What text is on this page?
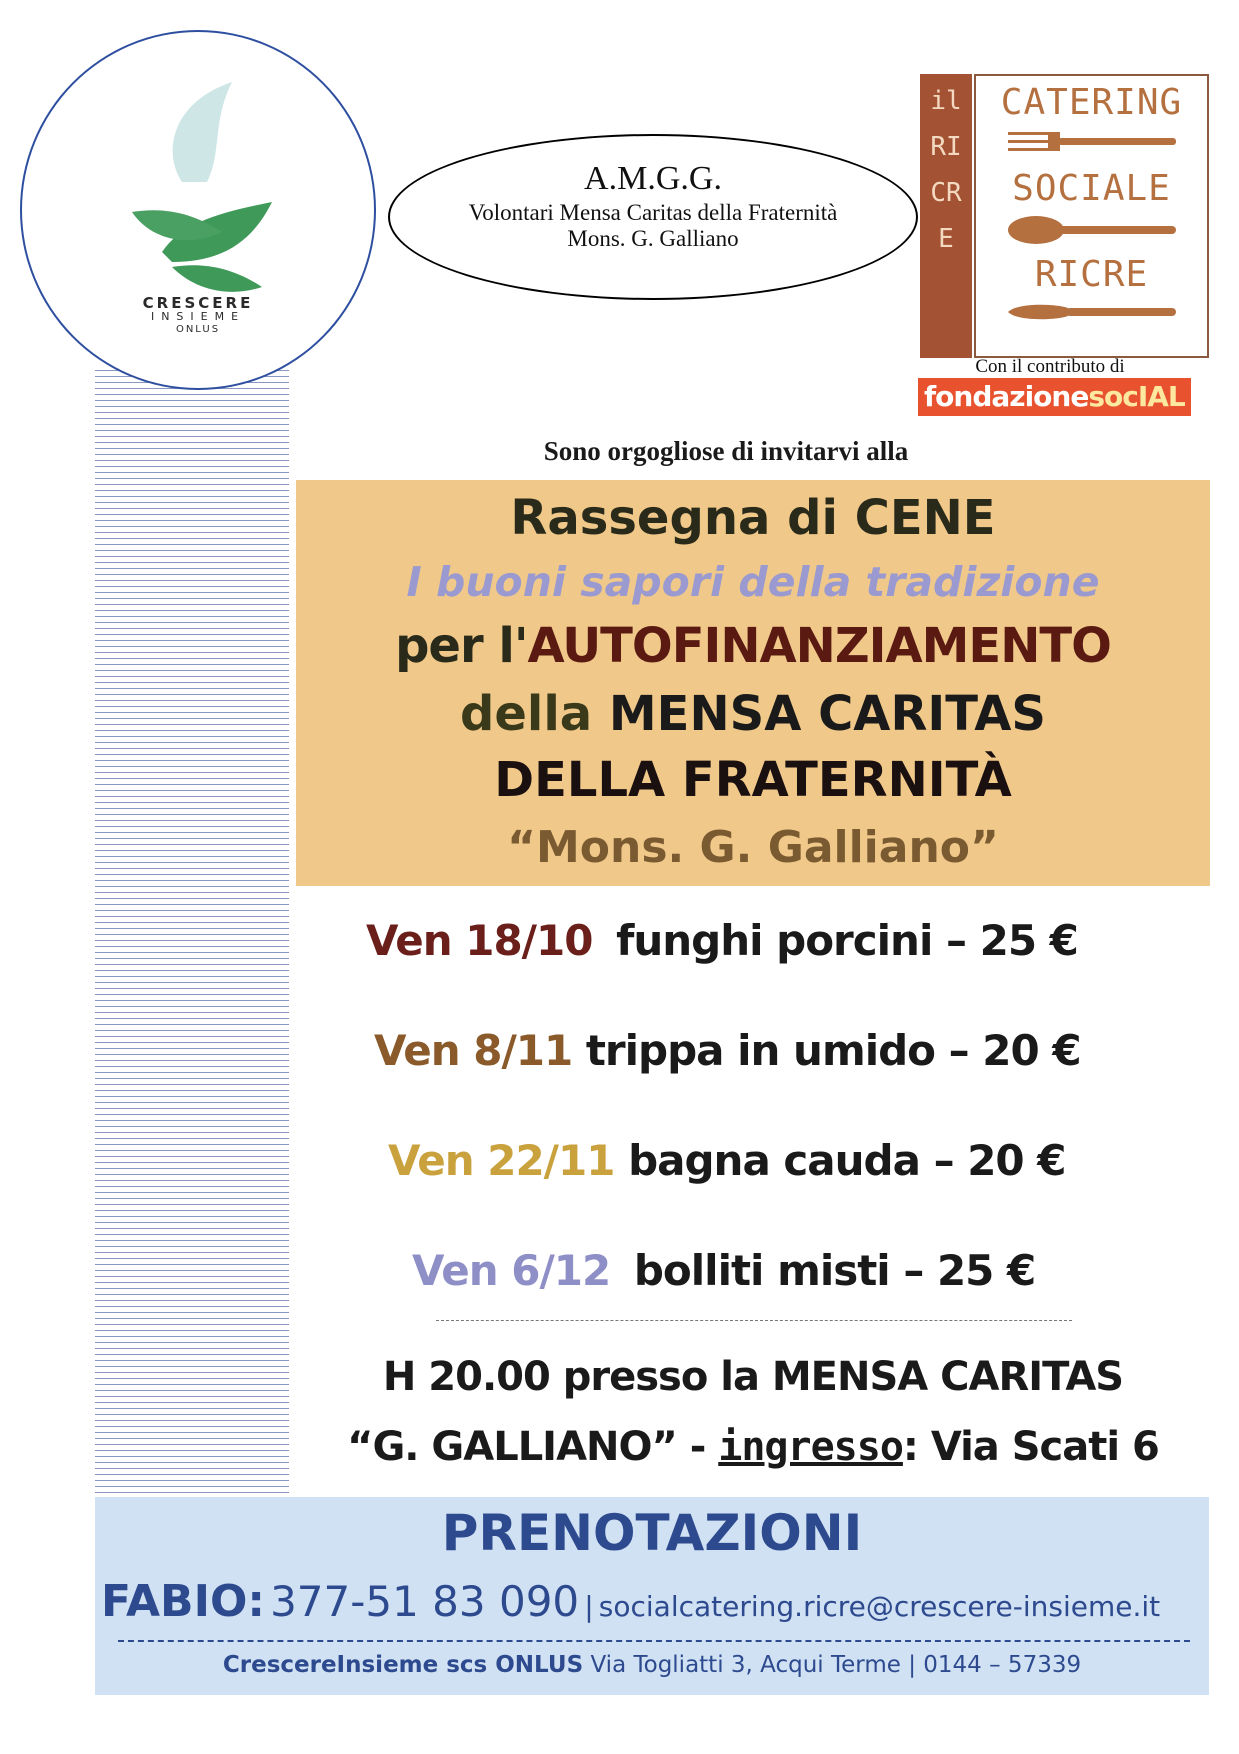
CRESCERE
INSIEME
ONLUS
A.M.G.G.
Volontari Mensa Caritas della Fraternità
Mons. G. Galliano
il RICRE
CATERING
SOCIALE
RICRE
Con il contributo di
fondazionesocIAL
Sono orgogliose di invitarvi alla
Rassegna di CENE
I buoni sapori della tradizione
per l'AUTOFINANZIAMENTO
della MENSA CARITAS
DELLA FRATERNITÀ
“Mons. G. Galliano”
Ven 18/10 funghi porcini – 25 €
Ven 8/11 trippa in umido – 20 €
Ven 22/11 bagna cauda – 20 €
Ven 6/12 bolliti misti – 25 €
H 20.00 presso la MENSA CARITAS
“G. GALLIANO” - ingresso: Via Scati 6
PRENOTAZIONI
FABIO: 377-51 83 090 | socialcatering.ricre@crescere-insieme.it
CrescereInsieme scs ONLUS Via Togliatti 3, Acqui Terme | 0144 – 57339
